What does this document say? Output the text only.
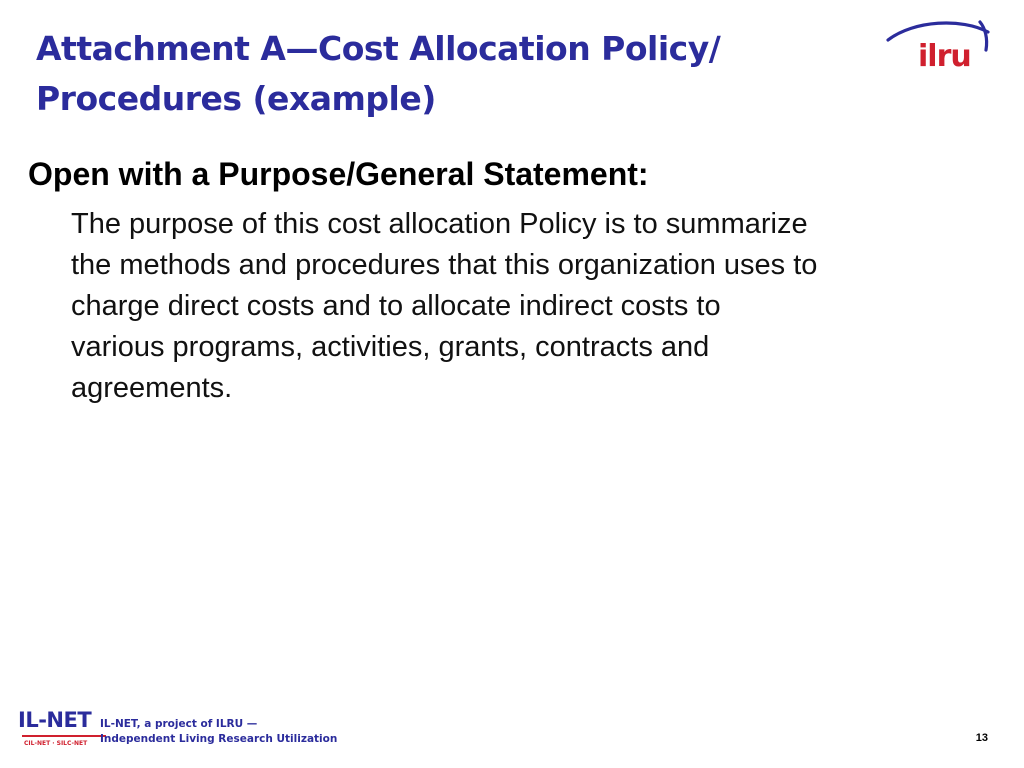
Attachment A—Cost Allocation Policy/
Procedures (example)
ilru
Open with a Purpose/General Statement:
The purpose of this cost allocation Policy is to summarize
the methods and procedures that this organization uses to
charge direct costs and to allocate indirect costs to
various programs, activities, grants, contracts and
agreements.
IL-NET
CIL-NET · SILC-NET
IL-NET, a project of ILRU —
Independent Living Research Utilization	13
